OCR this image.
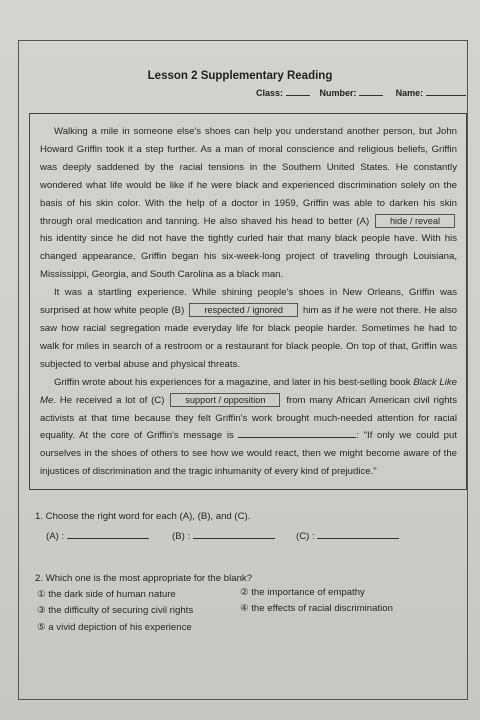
Lesson 2 Supplementary Reading
Class:	Number:	Name:

Walking a mile in someone else's shoes can help you understand another person, but John Howard Griffin took it a step further. As a man of moral conscience and religious beliefs, Griffin was deeply saddened by the racial tensions in the Southern United States. He constantly wondered what life would be like if he were black and experienced discrimination solely on the basis of his skin color. With the help of a doctor in 1959, Griffin was able to darken his skin through oral medication and tanning. He also shaved his head to better (A) hide / reveal his identity since he did not have the tightly curled hair that many black people have. With his changed appearance, Griffin began his six-week-long project of traveling through Louisiana, Mississippi, Georgia, and South Carolina as a black man.

It was a startling experience. While shining people's shoes in New Orleans, Griffin was surprised at how white people (B) respected / ignored him as if he were not there. He also saw how racial segregation made everyday life for black people harder. Sometimes he had to walk for miles in search of a restroom or a restaurant for black people. On top of that, Griffin was subjected to verbal abuse and physical threats.

Griffin wrote about his experiences for a magazine, and later in his best-selling book Black Like Me. He received a lot of (C) support / opposition from many African American civil rights activists at that time because they felt Griffin's work brought much-needed attention for racial equality. At the core of Griffin's message is	: "If only we could put ourselves in the shoes of others to see how we would react, then we might become aware of the injustices of discrimination and the tragic inhumanity of every kind of prejudice."

1. Choose the right word for each (A), (B), and (C).
(A) :	(B) :	(C) :
2. Which one is the most appropriate for the blank?
① the dark side of human nature	② the importance of empathy
③ the difficulty of securing civil rights	④ the effects of racial discrimination
⑤ a vivid depiction of his experience
